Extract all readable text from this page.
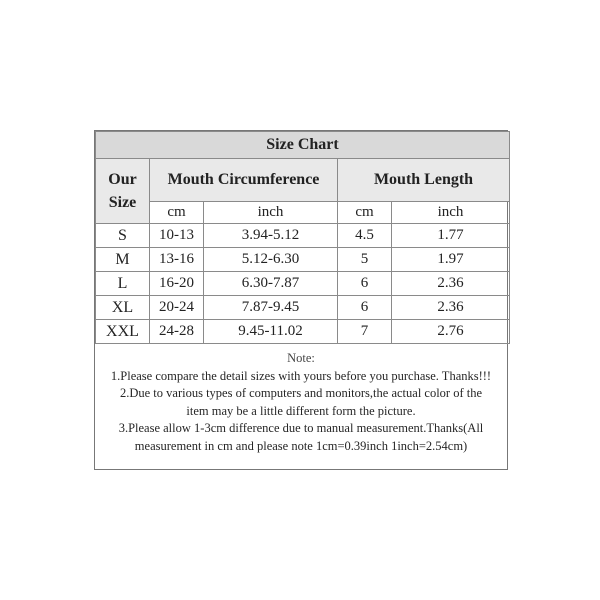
Size Chart				
Our
Size	Mouth Circumference		Mouth Length	
	cm	inch	cm	inch
S	10-13	3.94-5.12	4.5	1.77
M	13-16	5.12-6.30	5	1.97
L	16-20	6.30-7.87	6	2.36
XL	20-24	7.87-9.45	6	2.36
XXL	24-28	9.45-11.02	7	2.76
Note:
1.Please compare the detail sizes with yours before you purchase. Thanks!!!
2.Due to various types of computers and monitors,the actual color of the
item may be a little different form the picture.
3.Please allow 1-3cm difference due to manual measurement.Thanks(All
measurement in cm and please note 1cm=0.39inch 1inch=2.54cm)
